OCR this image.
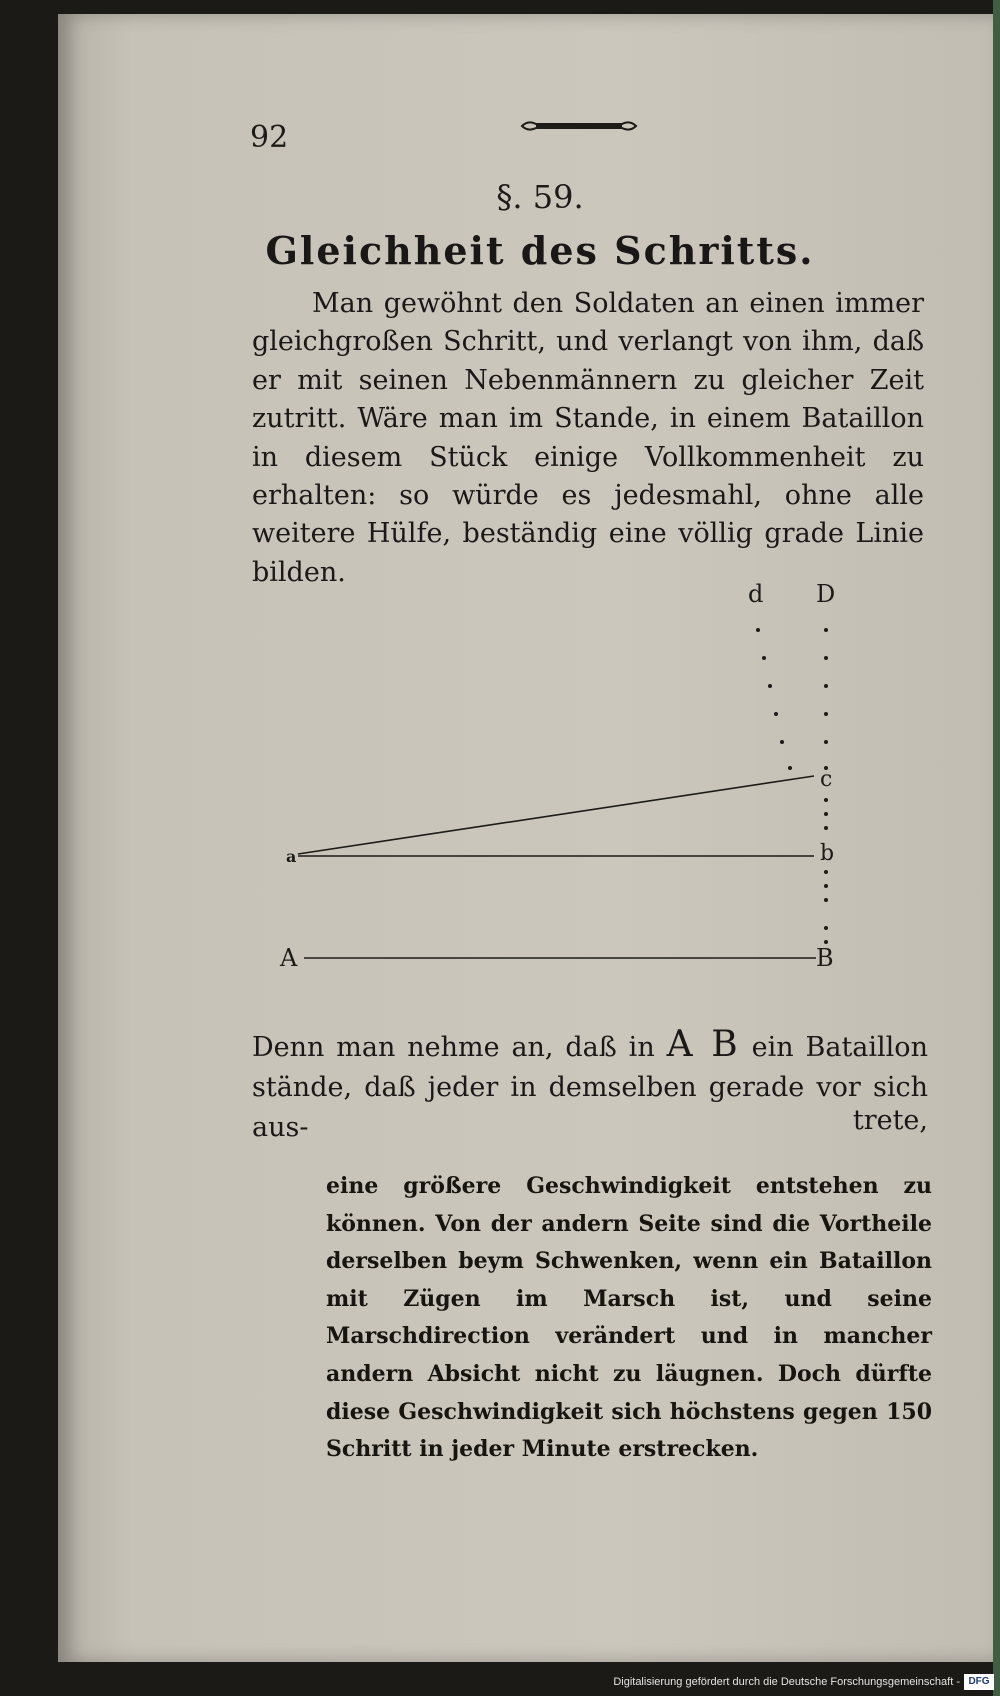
92
§. 59.
Gleichheit des Schritts.
Man gewöhnt den Soldaten an einen immer gleichgroßen Schritt, und verlangt von ihm, daß er mit seinen Nebenmännern zu gleicher Zeit zutritt. Wäre man im Stande, in einem Bataillon in diesem Stück einige Vollkommenheit zu erhalten: so würde es jedesmahl, ohne alle weitere Hülfe, beständig eine völlig grade Linie bilden.
d D
c
b
a
A	B
Denn man nehme an, daß in A B ein Bataillon stände, daß jeder in demselben gerade vor sich aus-	trete,
eine größere Geschwindigkeit entstehen zu können. Von der andern Seite sind die Vortheile derselben beym Schwenken, wenn ein Bataillon mit Zügen im Marsch ist, und seine Marschdirection verändert und in mancher andern Absicht nicht zu läugnen. Doch dürfte diese Geschwindigkeit sich höchstens gegen 150 Schritt in jeder Minute erstrecken.
Digitalisierung gefördert durch die Deutsche Forschungsgemeinschaft - DFG
